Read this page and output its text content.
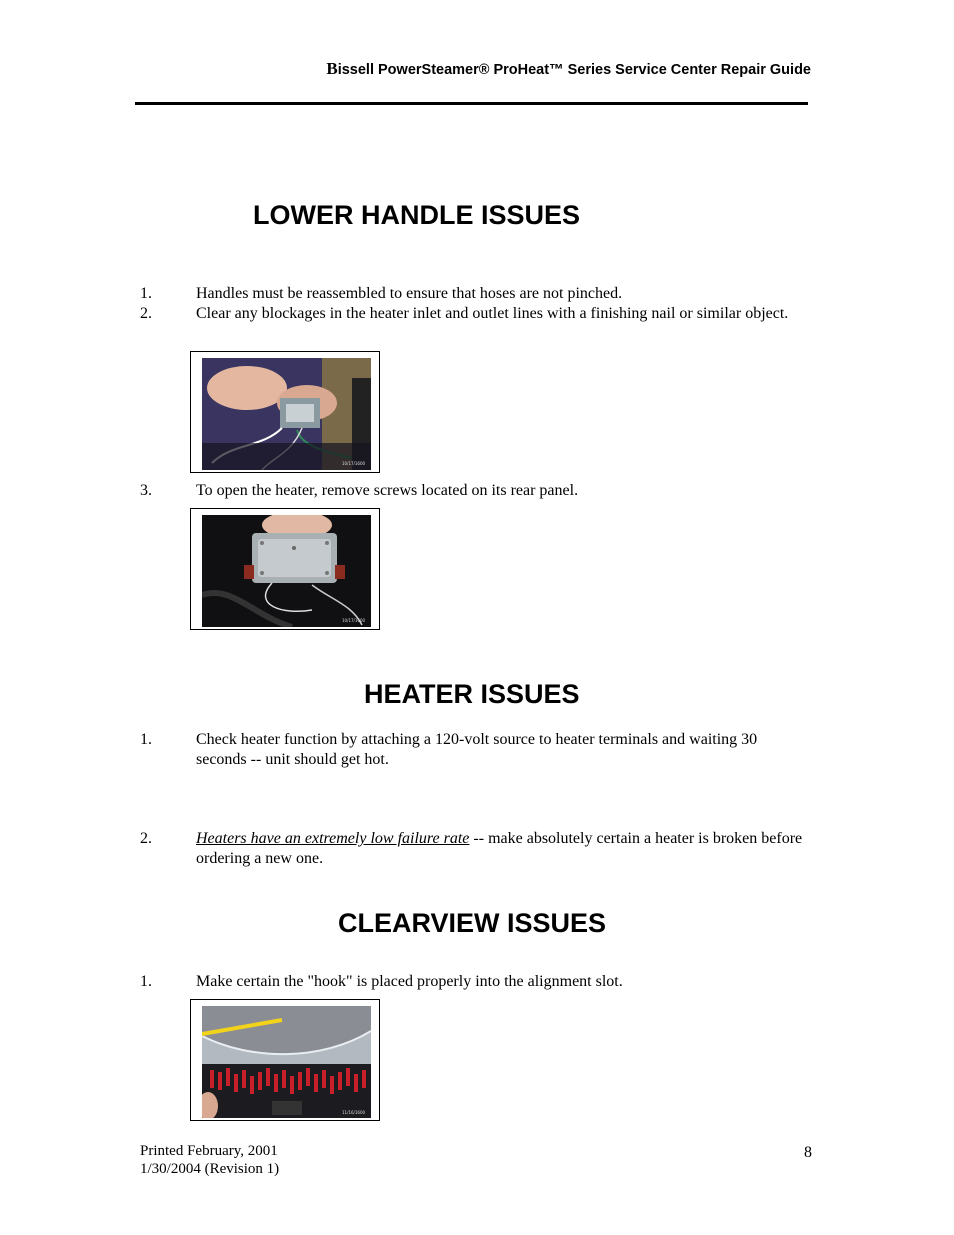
Bissell PowerSteamer® ProHeat™ Series Service Center Repair Guide
LOWER HANDLE ISSUES
1.	Handles must be reassembled to ensure that hoses are not pinched.
2.	Clear any blockages in the heater inlet and outlet lines with a finishing nail or similar object.
10/17/1600
3.	To open the heater, remove screws located on its rear panel.
10/17/1600
HEATER ISSUES
1.	Check heater function by attaching a 120-volt source to heater terminals and waiting 30 seconds -- unit should get hot.
2.	Heaters have an extremely low failure rate -- make absolutely certain a heater is broken before ordering a new one.
CLEARVIEW ISSUES
1.	Make certain the "hook" is placed properly into the alignment slot.
11/16/1600
Printed February, 2001
1/30/2004 (Revision 1)
8
